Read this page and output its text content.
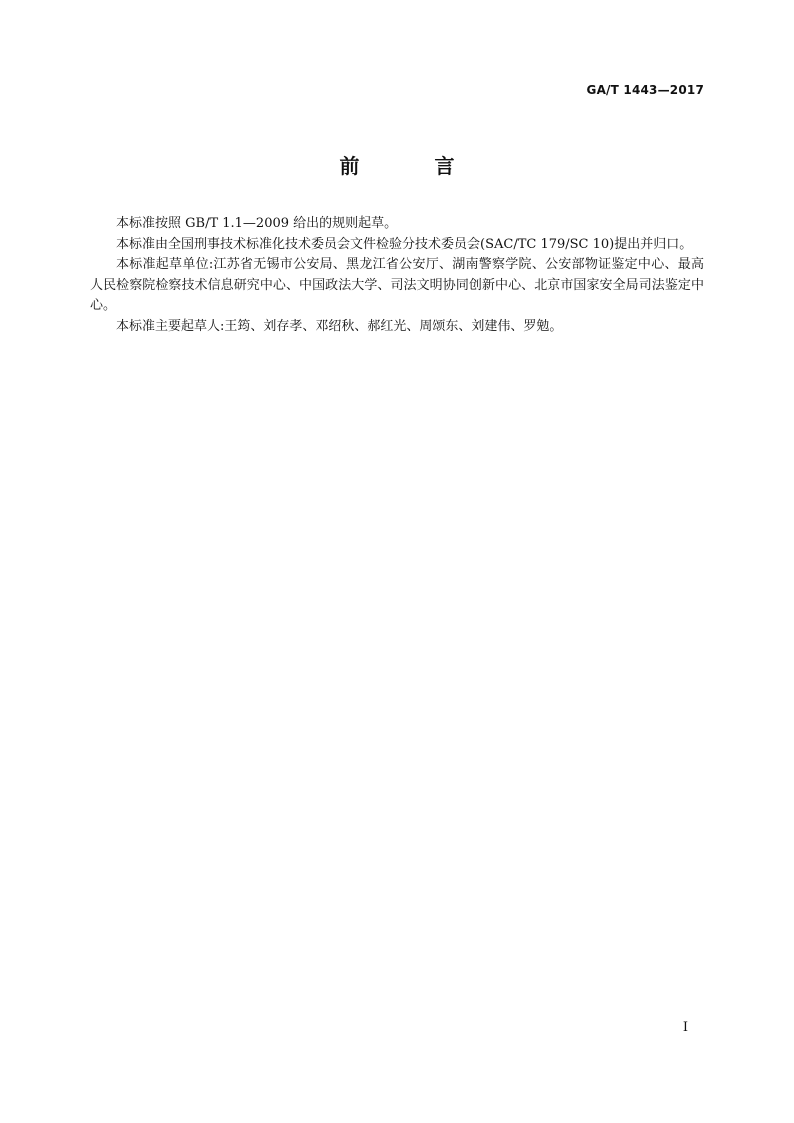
GA/T 1443—2017
前 言

本标准按照 GB/T 1.1—2009 给出的规则起草。

本标准由全国刑事技术标准化技术委员会文件检验分技术委员会(SAC/TC 179/SC 10)提出并归口。

本标准起草单位:江苏省无锡市公安局、黑龙江省公安厅、湖南警察学院、公安部物证鉴定中心、最高人民检察院检察技术信息研究中心、中国政法大学、司法文明协同创新中心、北京市国家安全局司法鉴定中心。

本标准主要起草人:王筠、刘存孝、邓绍秋、郝红光、周颂东、刘建伟、罗勉。

I
